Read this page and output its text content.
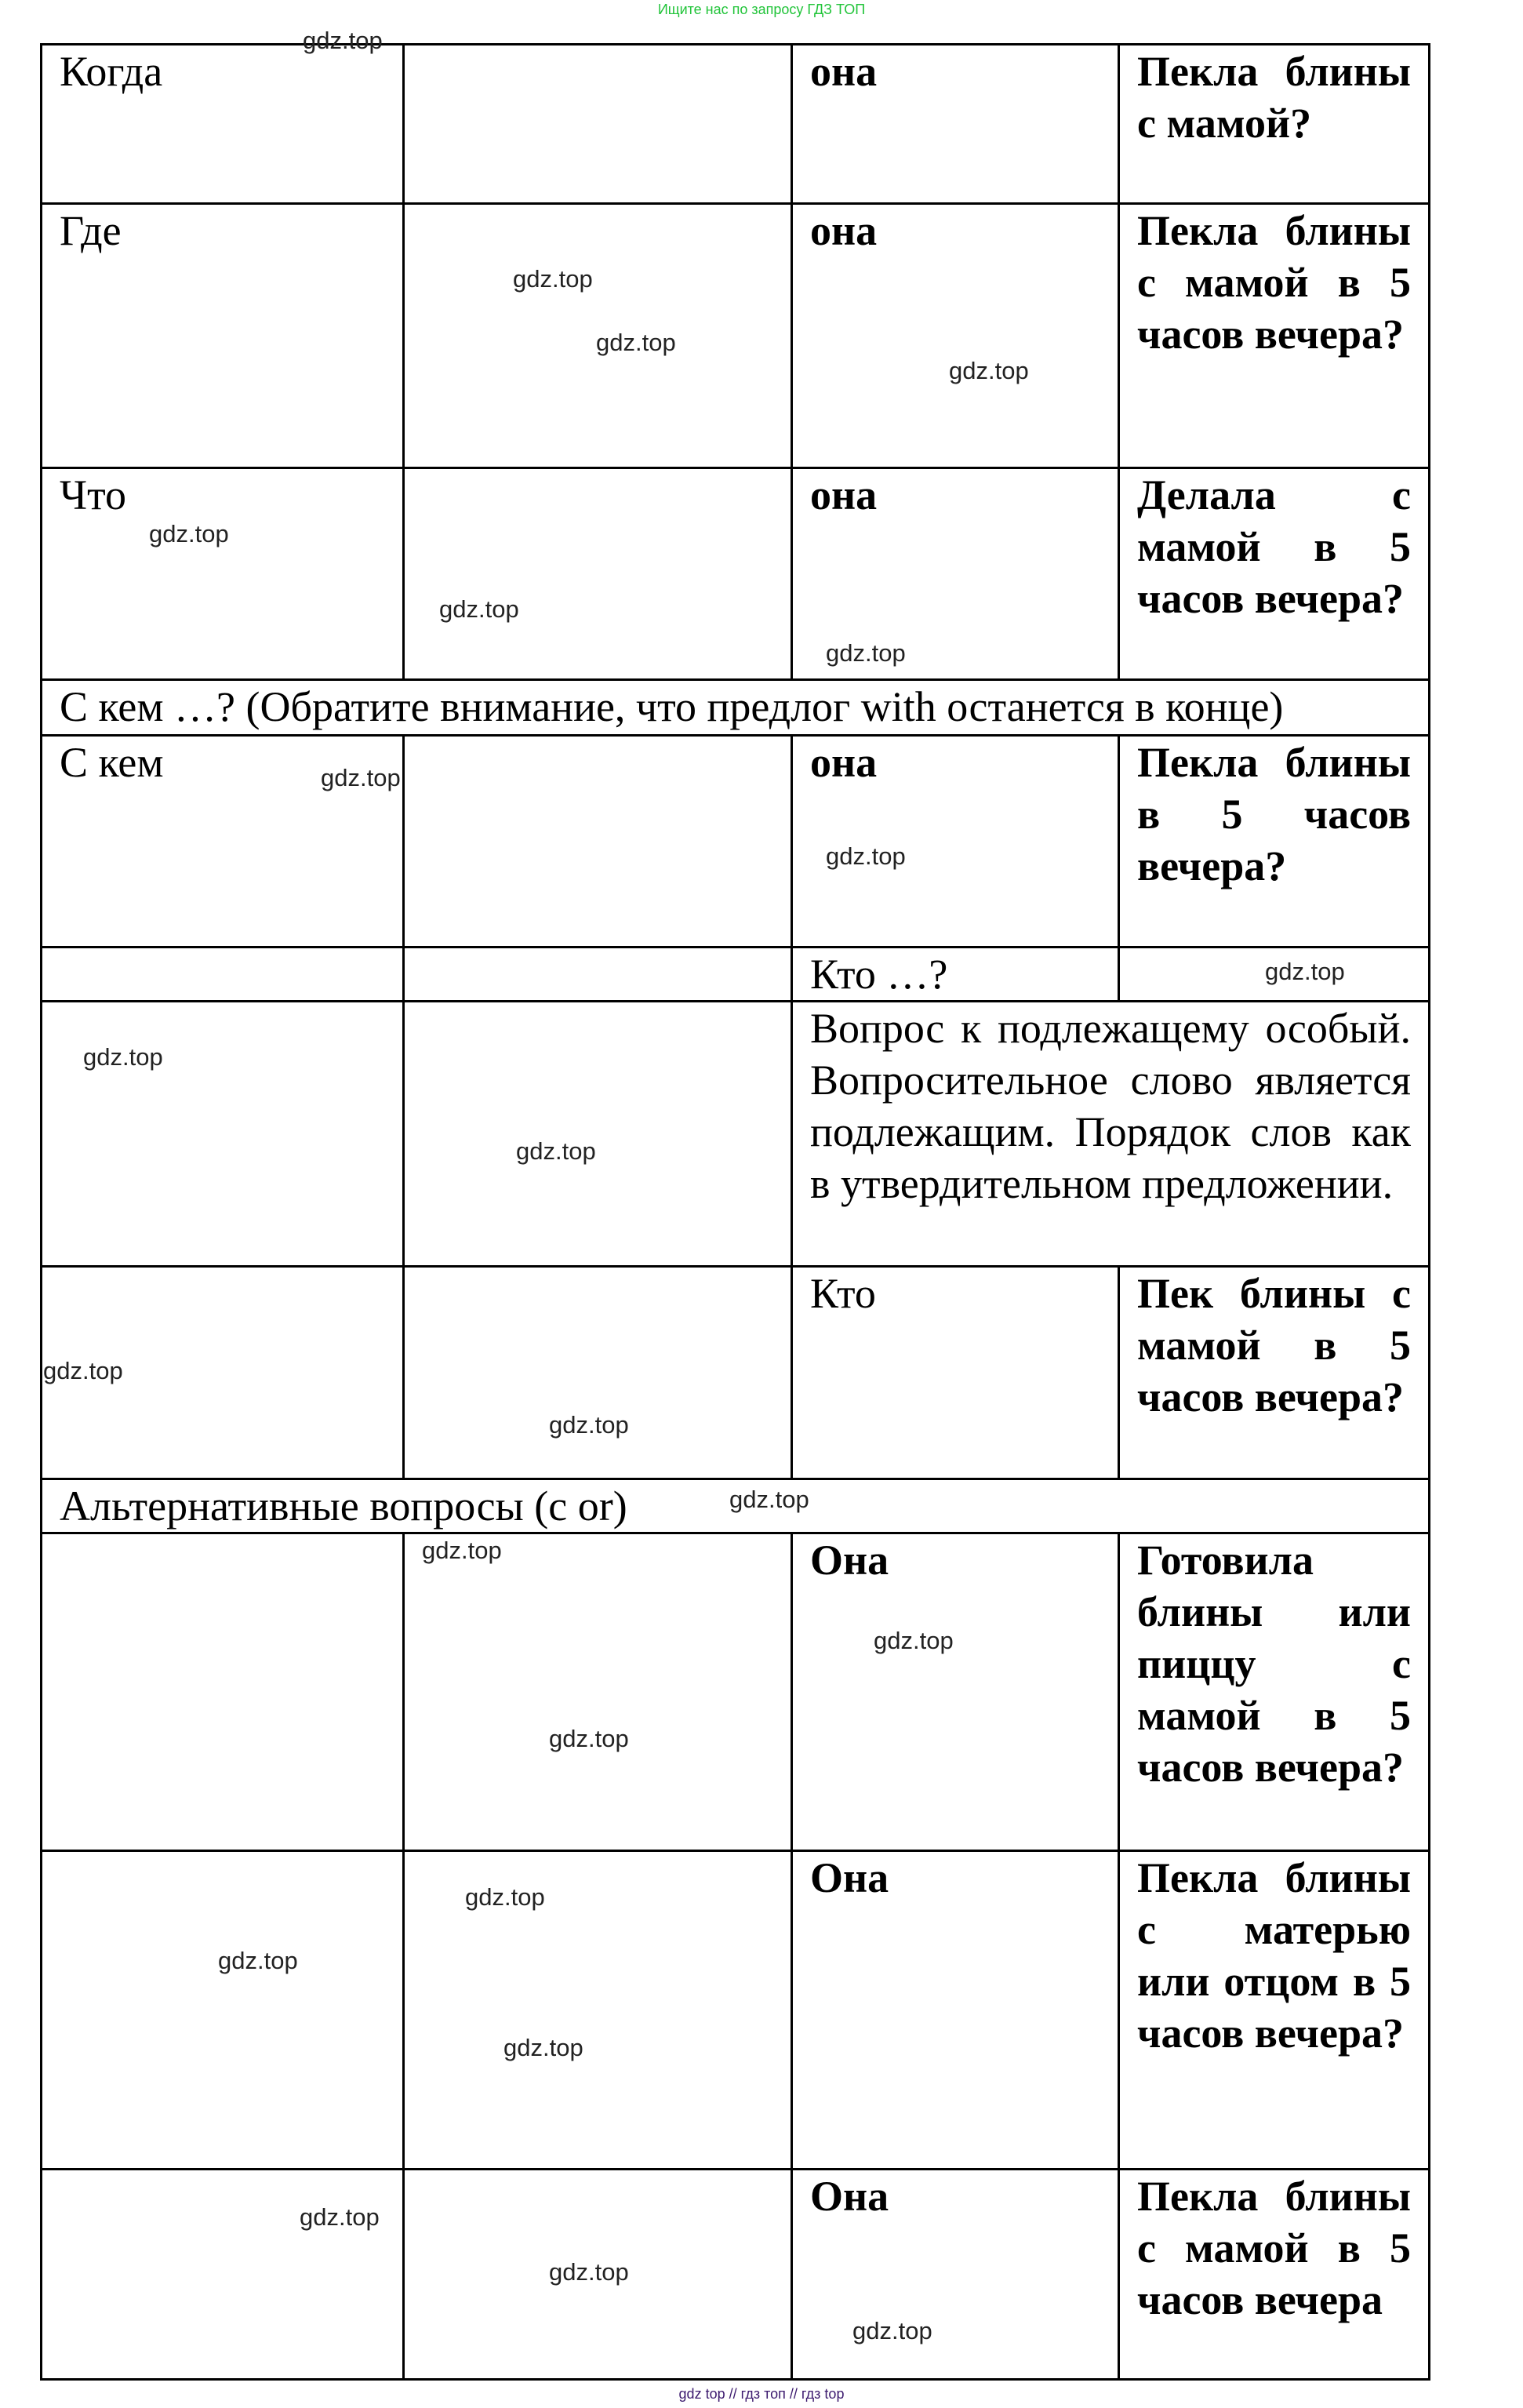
Ищите нас по запросу ГДЗ ТОП
Когда		она	Пекла блины с мамой?
Где		она	Пекла блины с мамой в 5 часов вечера?
Что		она	Делала с мамой в 5 часов вечера?
С кем …? (Обратите внимание, что предлог with останется в конце)			
С кем		она	Пекла блины в 5 часов вечера?
		Кто …?	
		Вопрос к подлежащему особый. Вопросительное слово является подлежащим. Порядок слов как в утвердительном предложении.	
		Кто	Пек блины с мамой в 5 часов вечера?
Альтернативные вопросы (с or)			
		Она	Готовила блины или пиццу с мамой в 5 часов вечера?
		Она	Пекла блины с матерью или отцом в 5 часов вечера?
		Она	Пекла блины с мамой в 5 часов вечера
gdz.top
gdz.top
gdz.top
gdz.top
gdz.top
gdz.top
gdz.top
gdz.top
gdz.top
gdz.top
gdz.top
gdz.top
gdz.top
gdz.top
gdz.top
gdz.top
gdz.top
gdz.top
gdz.top
gdz.top
gdz.top
gdz.top
gdz.top
gdz.top
gdz top // гдз топ // гдз top
